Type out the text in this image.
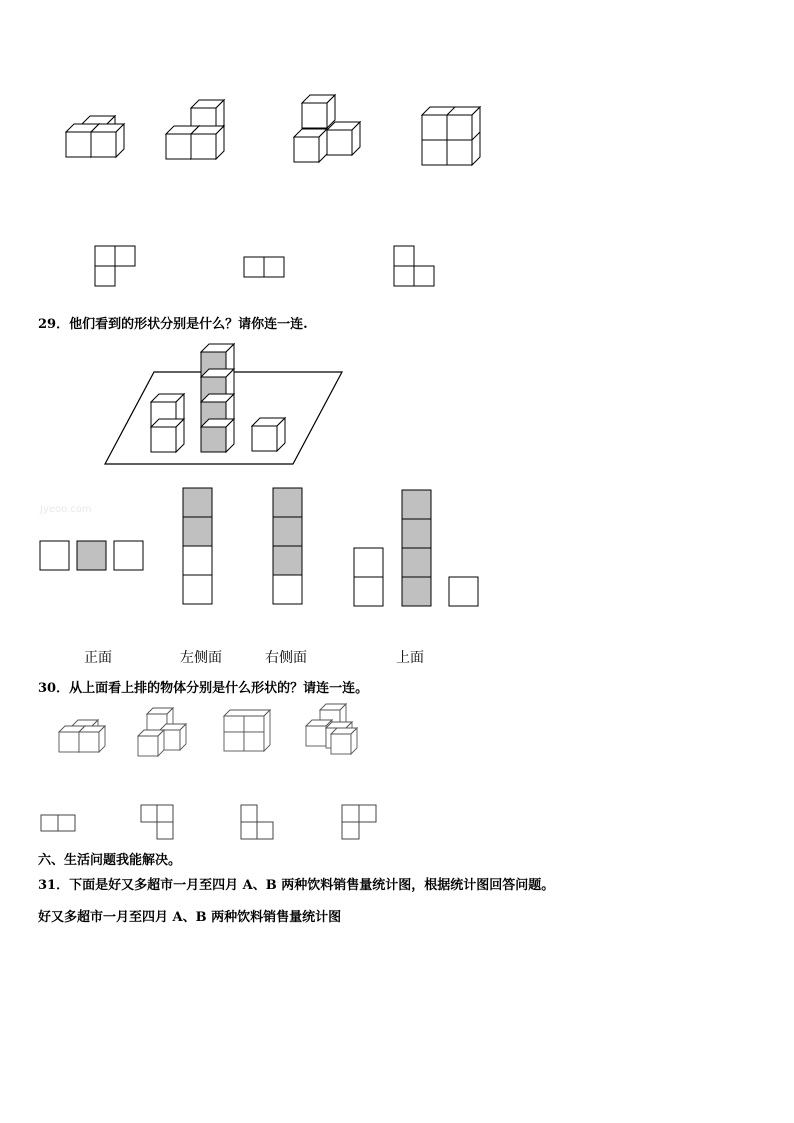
Jyeoo.com
29．他们看到的形状分别是什么？请你连一连.
正面	左侧面	右侧面	上面
30．从上面看上排的物体分别是什么形状的？请连一连。
六、生活问题我能解决。
31．下面是好又多超市一月至四月 A、B 两种饮料销售量统计图，根据统计图回答问题。
好又多超市一月至四月 A、B 两种饮料销售量统计图
